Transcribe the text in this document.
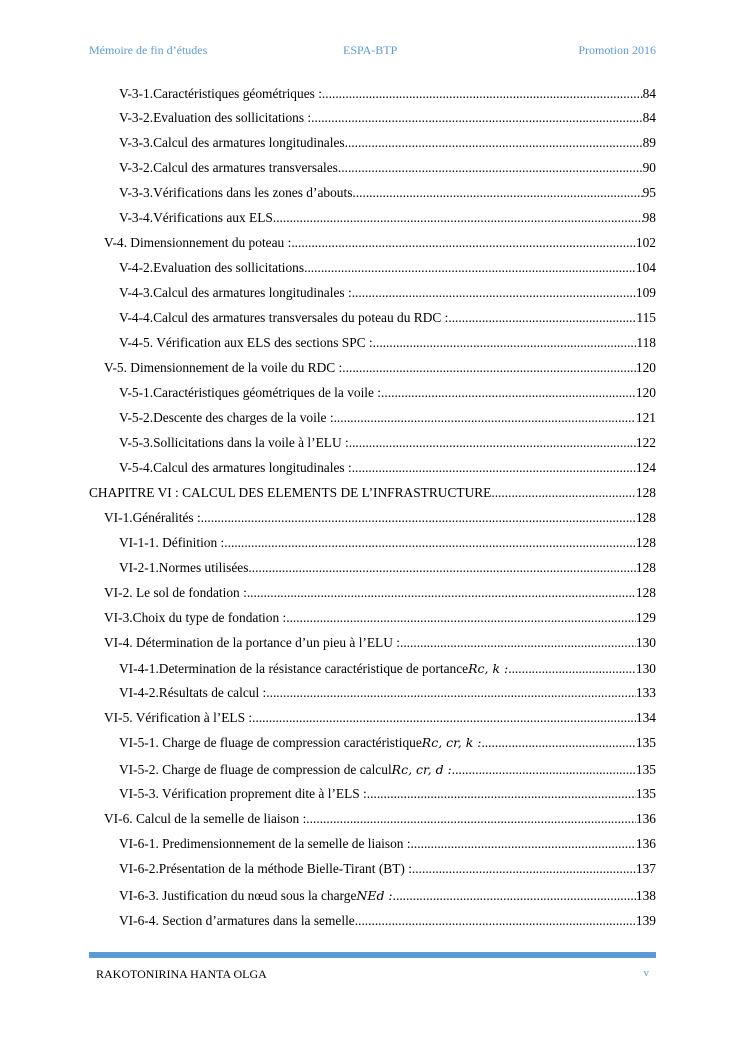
Mémoire de fin d’études	ESPA-BTP	Promotion 2016
V-3-1.Caractéristiques géométriques : .....	84
V-3-2.Evaluation des sollicitations : .....	84
V-3-3.Calcul des armatures longitudinales .....	89
V-3-2.Calcul des armatures transversales .....	90
V-3-3.Vérifications dans les zones d’abouts .....	95
V-3-4.Vérifications aux ELS .....	98
V-4. Dimensionnement du poteau : .....	102
V-4-2.Evaluation des sollicitations .....	104
V-4-3.Calcul des armatures longitudinales : .....	109
V-4-4.Calcul des armatures transversales du poteau du RDC : .....	115
V-4-5. Vérification aux ELS des sections SPC : .....	118
V-5. Dimensionnement de la voile du RDC : .....	120
V-5-1.Caractéristiques géométriques de la voile : .....	120
V-5-2.Descente des charges de la voile : .....	121
V-5-3.Sollicitations dans la voile à l’ELU : .....	122
V-5-4.Calcul des armatures longitudinales : .....	124
CHAPITRE VI : CALCUL DES ELEMENTS DE L’INFRASTRUCTURE .....	128
VI-1.Généralités : .....	128
VI-1-1. Définition : .....	128
VI-2-1.Normes utilisées .....	128
VI-2. Le sol de fondation : .....	128
VI-3.Choix du type de fondation : .....	129
VI-4. Détermination de la portance d’un pieu à l’ELU : .....	130
VI-4-1.Determination de la résistance caractéristique de portance Rc, k : .....	130
VI-4-2.Résultats de calcul : .....	133
VI-5. Vérification à l’ELS : .....	134
VI-5-1. Charge de fluage de compression caractéristique Rc, cr, k : .....	135
VI-5-2. Charge de fluage de compression de calcul Rc, cr, d : .....	135
VI-5-3. Vérification proprement dite à l’ELS : .....	135
VI-6. Calcul de la semelle de liaison : .....	136
VI-6-1. Predimensionnement de la semelle de liaison : .....	136
VI-6-2.Présentation de la méthode Bielle-Tirant (BT) : .....	137
VI-6-3. Justification du nœud sous la charge NEd : .....	138
VI-6-4. Section d’armatures dans la semelle .....	139
RAKOTONIRINA HANTA OLGA	v
